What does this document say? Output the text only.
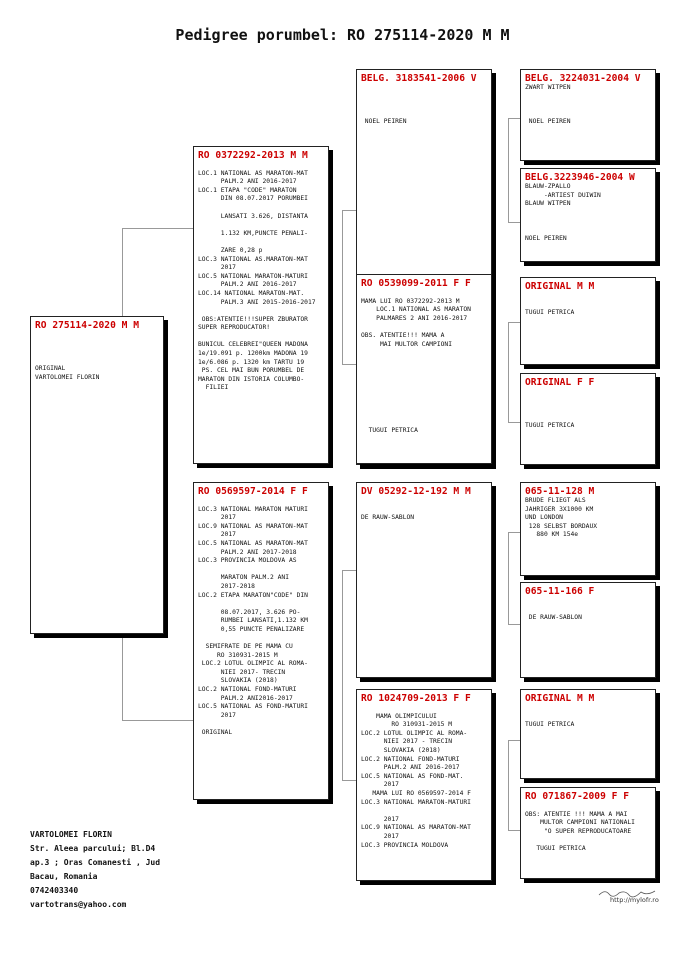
Pedigree porumbel: RO 275114-2020 M M
RO 275114-2020 M M

ORIGINAL
VARTOLOMEI FLORIN
RO 0372292-2013 M M

LOC.1 NATIONAL AS MARATON-MAT
PALM.2 ANI 2016-2017
LOC.1 ETAPA "CODE" MARATON
DIN 08.07.2017 PORUMBEI

LANSATI 3.626, DISTANTA

1.132 KM,PUNCTE PENALI-

ZARE 0,28 p
LOC.3 NATIONAL AS.MARATON-MAT
2017
LOC.5 NATIONAL MARATON-MATURI
PALM.2 ANI 2016-2017
LOC.14 NATIONAL MARATON-MAT.
PALM.3 ANI 2015-2016-2017

OBS:ATENTIE!!!SUPER ZBURATOR
SUPER REPRODUCATOR!

BUNICUL CELEBREI"QUEEN MADONA
1e/19.091 p. 1200km MADONA 19
1e/6.086 p. 1320 km TARTU 19
PS. CEL MAI BUN PORUMBEL DE
MARATON DIN ISTORIA COLUMBO-
FILIEI
RO 0569597-2014 F F

LOC.3 NATIONAL MARATON MATURI
2017
LOC.9 NATIONAL AS MARATON-MAT
2017
LOC.5 NATIONAL AS MARATON-MAT
PALM.2 ANI 2017-2018
LOC.3 PROVINCIA MOLDOVA AS

MARATON PALM.2 ANI
2017-2018
LOC.2 ETAPA MARATON"CODE" DIN

08.07.2017, 3.626 PO-
RUMBEI LANSATI,1.132 KM
0,55 PUNCTE PENALIZARE

SEMIFRATE DE PE MAMA CU
RO 310931-2015 M
LOC.2 LOTUL OLIMPIC AL ROMA-
NIEI 2017- TRECIN
SLOVAKIA (2018)
LOC.2 NATIONAL FOND-MATURI
PALM.2 ANI2016-2017
LOC.5 NATIONAL AS FOND-MATURI
2017

ORIGINAL
BELG. 3183541-2006 V

NOEL PEIREN
RO 0539099-2011 F F

MAMA LUI RO 0372292-2013 M
LOC.1 NATIONAL AS MARATON
PALMARES 2 ANI 2016-2017

OBS. ATENTIE!!! MAMA A
MAI MULTOR CAMPIONI

TUGUI PETRICA
DV 05292-12-192 M M

DE RAUW-SABLON
RO 1024709-2013 F F

MAMA OLIMPICULUI
RO 310931-2015 M
LOC.2 LOTUL OLIMPIC AL ROMA-
NIEI 2017 - TRECIN
SLOVAKIA (2018)
LOC.2 NATIONAL FOND-MATURI
PALM.2 ANI 2016-2017
LOC.5 NATIONAL AS FOND-MAT.
2017
MAMA LUI RO 0569597-2014 F
LOC.3 NATIONAL MARATON-MATURI

2017
LOC.9 NATIONAL AS MARATON-MAT
2017
LOC.3 PROVINCIA MOLDOVA
BELG. 3224031-2004 V
ZWART WITPEN

NOEL PEIREN
BELG.3223946-2004 W
BLAUW-ZPALLO
-ARTIEST DUIWIN
BLAUW WITPEN

NOEL PEIREN
ORIGINAL M M

TUGUI PETRICA
ORIGINAL F F

TUGUI PETRICA
065-11-128 M
BRUDE FLIEGT ALS
JAHRIGER 3X1000 KM
UND LONDON
128 SELBST BORDAUX
880 KM 154e
065-11-166 F

DE RAUW-SABLON
ORIGINAL M M

TUGUI PETRICA
RO 071867-2009 F F

OBS: ATENTIE !!! MAMA A MAI
MULTOR CAMPIONI NATIONALI
"O SUPER REPRODUCATOARE

TUGUI PETRICA
VARTOLOMEI FLORIN
Str. Aleea parcului; Bl.D4
ap.3 ; Oras Comanesti , Jud
Bacau, Romania
0742403340
vartotrans@yahoo.com	http://mylofr.ro
